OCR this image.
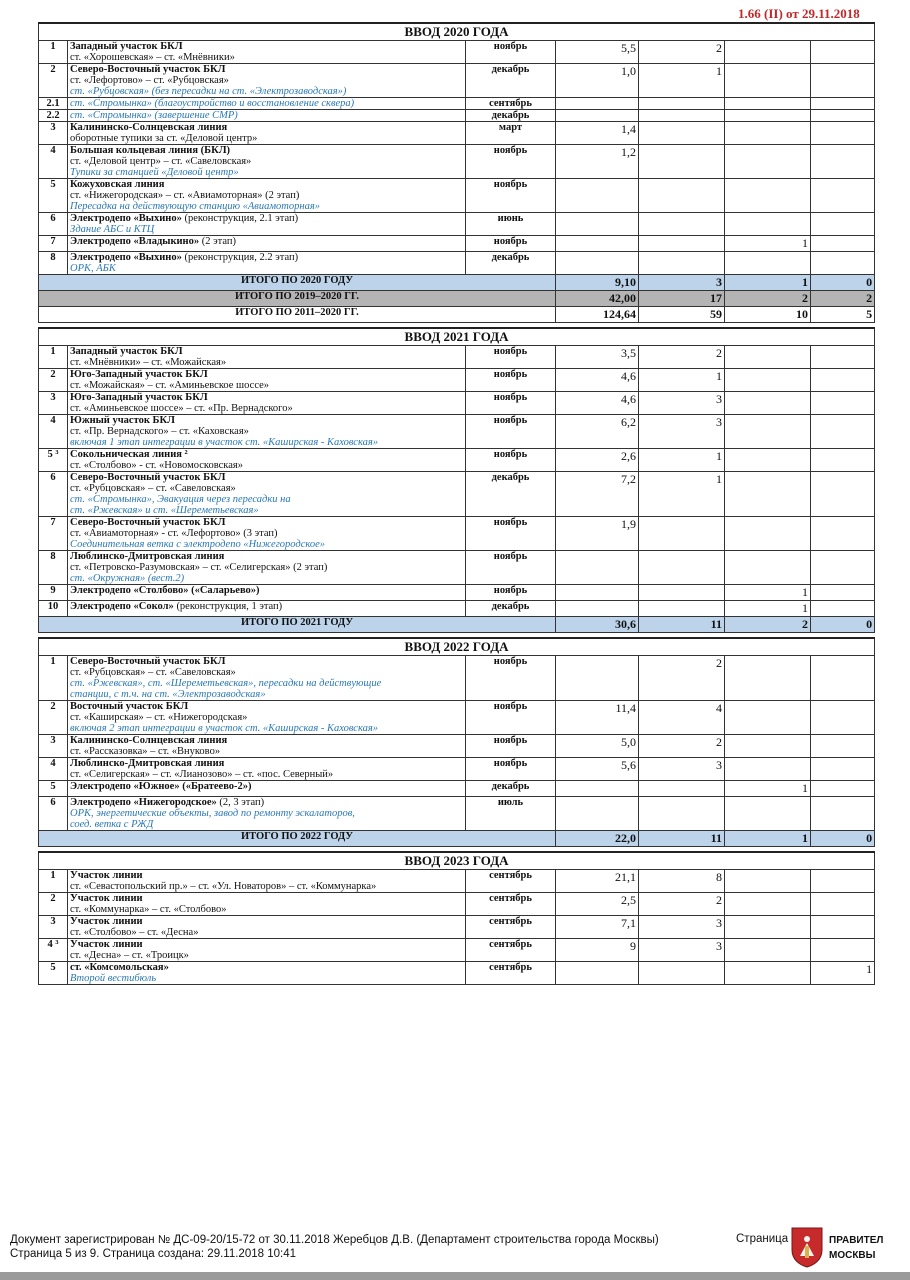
1.66 (II) от 29.11.2018
ВВОД 2020 ГОДА						
1	Западный участок БКЛ
ст. «Хорошевская» – ст. «Мнёвники»	ноябрь	5,5	2		
2	Северо-Восточный участок БКЛ
ст. «Лефортово» – ст. «Рубцовская»
ст. «Рубцовская» (без пересадки на ст. «Электрозаводская»)	декабрь	1,0	1		
2.1	ст. «Стромынка» (благоустройство и восстановление сквера)	сентябрь				
2.2	ст. «Стромынка» (завершение СМР)	декабрь				
3	Калининско-Солнцевская линия
оборотные тупики за ст. «Деловой центр»	март	1,4			
4	Большая кольцевая линия (БКЛ)
ст. «Деловой центр» – ст. «Савеловская»
Тупики за станцией «Деловой центр»	ноябрь	1,2			
5	Кожуховская линия
ст. «Нижегородская» – ст. «Авиамоторная» (2 этап)
Пересадка на действующую станцию «Авиамоторная»	ноябрь				
6	Электродепо «Выхино» (реконструкция, 2.1 этап)
Здание АБС и КТЦ	июнь				
7	Электродепо «Владыкино» (2 этап)	ноябрь			1	
8	Электродепо «Выхино» (реконструкция, 2.2 этап)
ОРК, АБК	декабрь				
ИТОГО ПО 2020 ГОДУ			9,10	3	1	0
ИТОГО ПО 2019–2020 ГГ.			42,00	17	2	2
ИТОГО ПО 2011–2020 ГГ.			124,64	59	10	5

ВВОД 2021 ГОДА						
1	Западный участок БКЛ
ст. «Мнёвники» – ст. «Можайская»	ноябрь	3,5	2		
2	Юго-Западный участок БКЛ
ст. «Можайская» – ст. «Аминьевское шоссе»	ноябрь	4,6	1		
3	Юго-Западный участок БКЛ
ст. «Аминьевское шоссе» – ст. «Пр. Вернадского»	ноябрь	4,6	3		
4	Южный участок БКЛ
ст. «Пр. Вернадского» – ст. «Каховская»
включая 1 этап интеграции в участок ст. «Каширская - Каховская»	ноябрь	6,2	3		
5 ³	Сокольническая линия ²
ст. «Столбово» - ст. «Новомосковская»	ноябрь	2,6	1		
6	Северо-Восточный участок БКЛ
ст. «Рубцовская» – ст. «Савеловская»
ст. «Стромынка», Эвакуация через пересадки на
ст. «Ржевская» и ст. «Шереметьевская»	декабрь	7,2	1		
7	Северо-Восточный участок БКЛ
ст. «Авиамоторная» - ст. «Лефортово» (3 этап)
Соединительная ветка с электродепо «Нижегородское»	ноябрь	1,9			
8	Люблинско-Дмитровская линия
ст. «Петровско-Разумовская» – ст. «Селигерская» (2 этап)
ст. «Окружная» (вест.2)	ноябрь				
9	Электродепо «Столбово» («Саларьево»)	ноябрь			1	
10	Электродепо «Сокол» (реконструкция, 1 этап)	декабрь			1	
ИТОГО ПО 2021 ГОДУ			30,6	11	2	0

ВВОД 2022 ГОДА						
1	Северо-Восточный участок БКЛ
ст. «Рубцовская» – ст. «Савеловская»
ст. «Ржевская», ст. «Шереметьевская», пересадки на действующие
станции, с т.ч. на ст. «Электрозаводская»	ноябрь		2		
2	Восточный участок БКЛ
ст. «Каширская» – ст. «Нижегородская»
включая 2 этап интеграции в участок ст. «Каширская - Каховская»	ноябрь	11,4	4		
3	Калининско-Солнцевская линия
ст. «Рассказовка» – ст. «Внуково»	ноябрь	5,0	2		
4	Люблинско-Дмитровская линия
ст. «Селигерская» – ст. «Лианозово» – ст. «пос. Северный»	ноябрь	5,6	3		
5	Электродепо «Южное» («Братеево-2»)	декабрь			1	
6	Электродепо «Нижегородское» (2, 3 этап)
ОРК, энергетические объекты, завод по ремонту эскалаторов,
соед. ветка с РЖД	июль				
ИТОГО ПО 2022 ГОДУ			22,0	11	1	0

ВВОД 2023 ГОДА						
1	Участок линии
ст. «Севастопольский пр.» – ст. «Ул. Новаторов» – ст. «Коммунарка»	сентябрь	21,1	8		
2	Участок линии
ст. «Коммунарка» – ст. «Столбово»	сентябрь	2,5	2		
3	Участок линии
ст. «Столбово» – ст. «Десна»	сентябрь	7,1	3		
4 ³	Участок линии
ст. «Десна» – ст. «Троицк»	сентябрь	9	3		
5	ст. «Комсомольская»
Второй вестибюль	сентябрь				1
Документ зарегистрирован № ДС-09-20/15-72 от 30.11.2018 Жеребцов Д.В. (Департамент строительства города Москвы)
Страница 5 из 9. Страница создана: 29.11.2018 10:41
Страница	ПРАВИТЕЛ
МОСКВЫ
